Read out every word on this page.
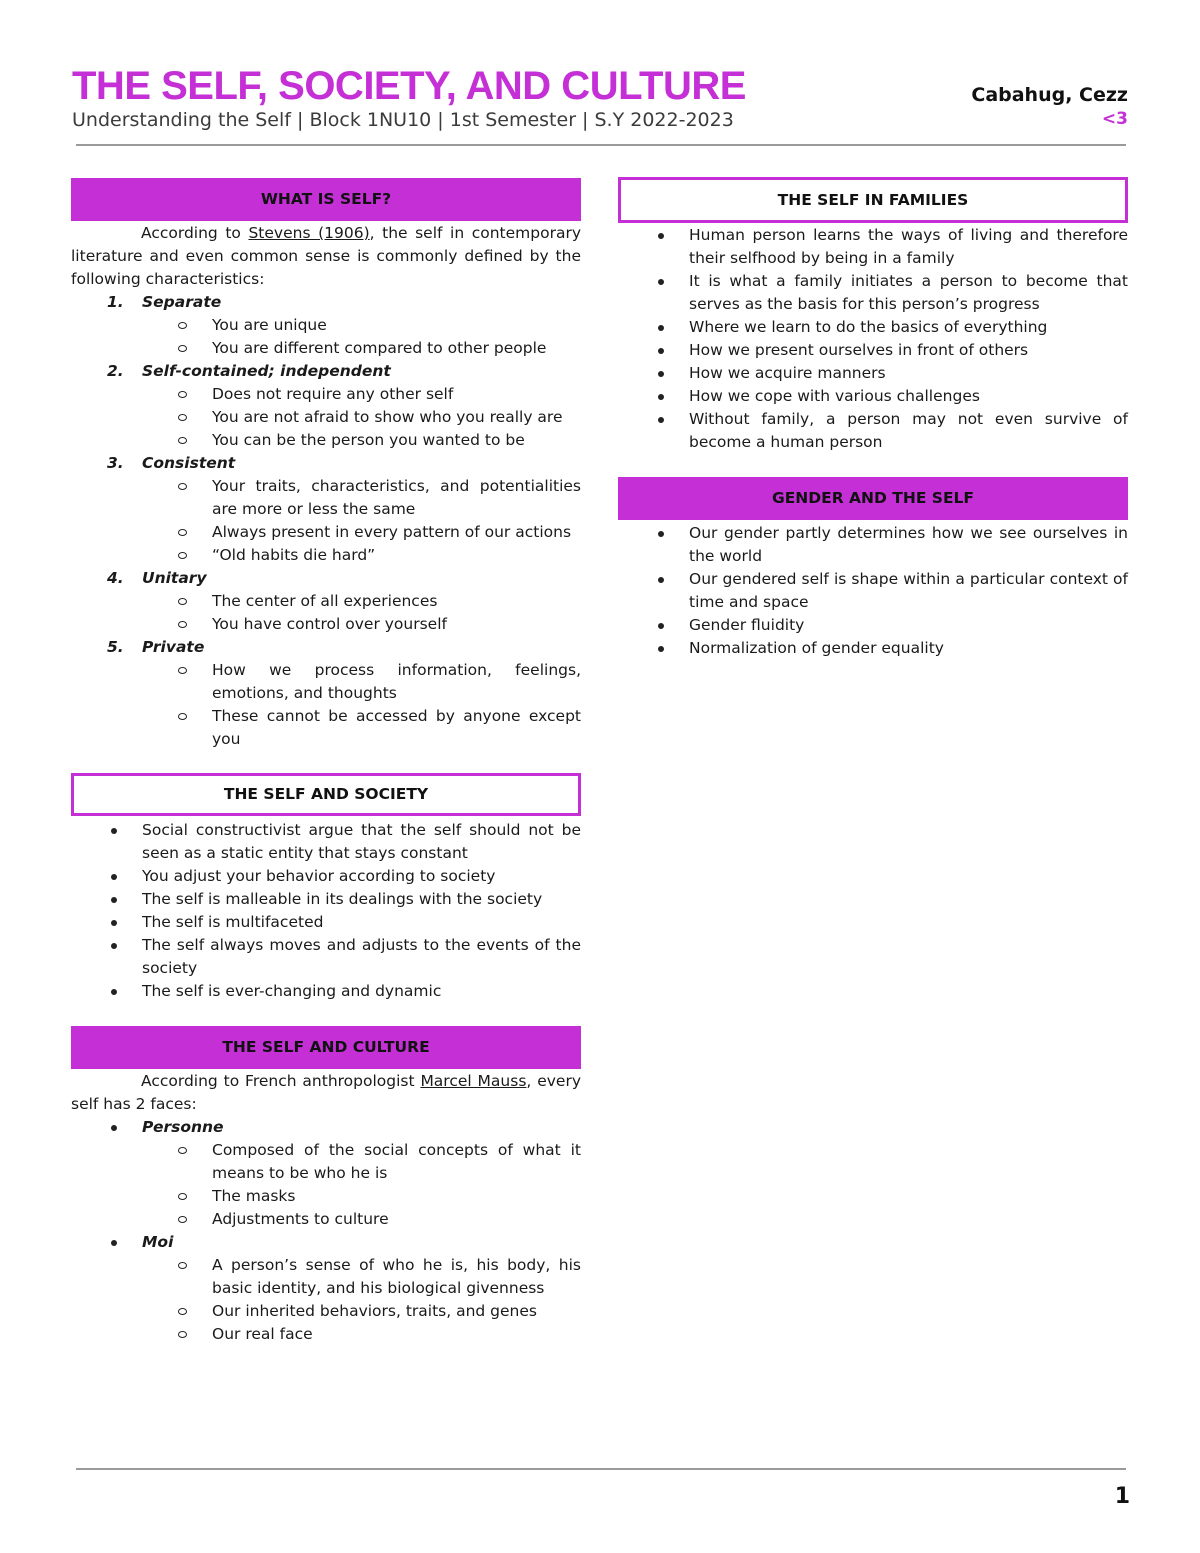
THE SELF, SOCIETY, AND CULTURE
Understanding the Self | Block 1NU10 | 1st Semester | S.Y 2022-2023
Cabahug, Cezz
<3
WHAT IS SELF?

According to Stevens (1906), the self in contemporary literature and even common sense is commonly defined by the following characteristics:

1. Separate
You are unique
You are different compared to other people
2. Self-contained; independent
Does not require any other self
You are not afraid to show who you really are
You can be the person you wanted to be
3. Consistent
Your traits, characteristics, and potentialities are more or less the same
Always present in every pattern of our actions
“Old habits die hard”
4. Unitary
The center of all experiences
You have control over yourself
5. Private
How we process information, feelings, emotions, and thoughts
These cannot be accessed by anyone except you
THE SELF AND SOCIETY
Social constructivist argue that the self should not be seen as a static entity that stays constant
You adjust your behavior according to society
The self is malleable in its dealings with the society
The self is multifaceted
The self always moves and adjusts to the events of the society
The self is ever-changing and dynamic
THE SELF AND CULTURE

According to French anthropologist Marcel Mauss, every self has 2 faces:

Personne
Composed of the social concepts of what it means to be who he is
The masks
Adjustments to culture
Moi
A person’s sense of who he is, his body, his basic identity, and his biological givenness
Our inherited behaviors, traits, and genes
Our real face
THE SELF IN FAMILIES
Human person learns the ways of living and therefore their selfhood by being in a family
It is what a family initiates a person to become that serves as the basis for this person’s progress
Where we learn to do the basics of everything
How we present ourselves in front of others
How we acquire manners
How we cope with various challenges
Without family, a person may not even survive of become a human person
GENDER AND THE SELF
Our gender partly determines how we see ourselves in the world
Our gendered self is shape within a particular context of time and space
Gender fluidity
Normalization of gender equality
1
